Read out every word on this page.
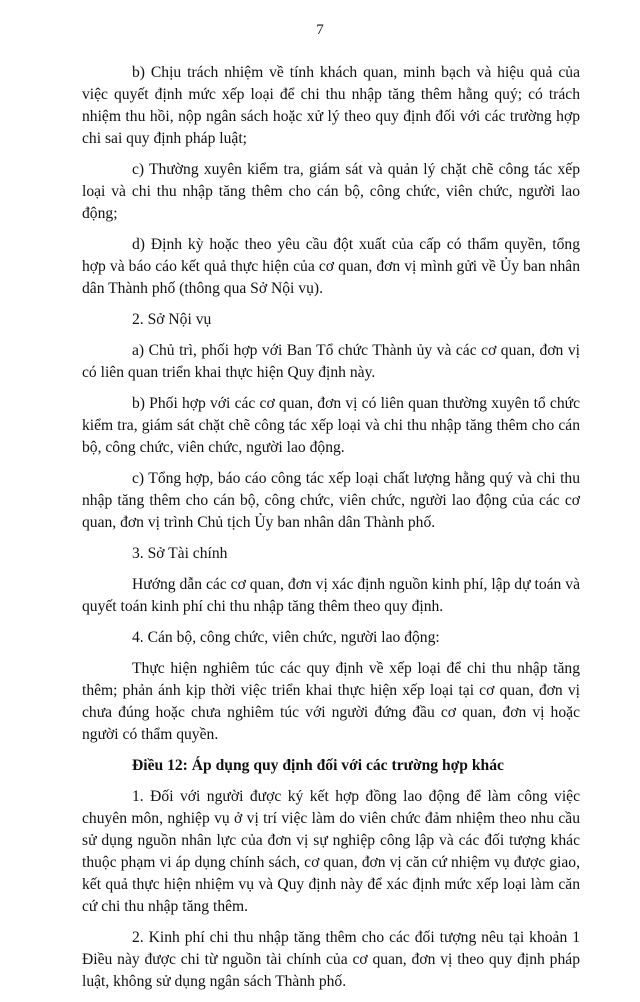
7

b) Chịu trách nhiệm về tính khách quan, minh bạch và hiệu quả của việc quyết định mức xếp loại để chi thu nhập tăng thêm hằng quý; có trách nhiệm thu hồi, nộp ngân sách hoặc xử lý theo quy định đối với các trường hợp chi sai quy định pháp luật;

c) Thường xuyên kiểm tra, giám sát và quản lý chặt chẽ công tác xếp loại và chi thu nhập tăng thêm cho cán bộ, công chức, viên chức, người lao động;

d) Định kỳ hoặc theo yêu cầu đột xuất của cấp có thẩm quyền, tổng hợp và báo cáo kết quả thực hiện của cơ quan, đơn vị mình gửi về Ủy ban nhân dân Thành phố (thông qua Sở Nội vụ).

2. Sở Nội vụ

a) Chủ trì, phối hợp với Ban Tổ chức Thành ủy và các cơ quan, đơn vị có liên quan triển khai thực hiện Quy định này.

b) Phối hợp với các cơ quan, đơn vị có liên quan thường xuyên tổ chức kiểm tra, giám sát chặt chẽ công tác xếp loại và chi thu nhập tăng thêm cho cán bộ, công chức, viên chức, người lao động.

c) Tổng hợp, báo cáo công tác xếp loại chất lượng hằng quý và chi thu nhập tăng thêm cho cán bộ, công chức, viên chức, người lao động của các cơ quan, đơn vị trình Chủ tịch Ủy ban nhân dân Thành phố.

3. Sở Tài chính

Hướng dẫn các cơ quan, đơn vị xác định nguồn kinh phí, lập dự toán và quyết toán kinh phí chi thu nhập tăng thêm theo quy định.

4. Cán bộ, công chức, viên chức, người lao động:

Thực hiện nghiêm túc các quy định về xếp loại để chi thu nhập tăng thêm; phản ánh kịp thời việc triển khai thực hiện xếp loại tại cơ quan, đơn vị chưa đúng hoặc chưa nghiêm túc với người đứng đầu cơ quan, đơn vị hoặc người có thẩm quyền.

Điều 12: Áp dụng quy định đối với các trường hợp khác

1. Đối với người được ký kết hợp đồng lao động để làm công việc chuyên môn, nghiệp vụ ở vị trí việc làm do viên chức đảm nhiệm theo nhu cầu sử dụng nguồn nhân lực của đơn vị sự nghiệp công lập và các đối tượng khác thuộc phạm vi áp dụng chính sách, cơ quan, đơn vị căn cứ nhiệm vụ được giao, kết quả thực hiện nhiệm vụ và Quy định này để xác định mức xếp loại làm căn cứ chi thu nhập tăng thêm.

2. Kinh phí chi thu nhập tăng thêm cho các đối tượng nêu tại khoản 1 Điều này được chi từ nguồn tài chính của cơ quan, đơn vị theo quy định pháp luật, không sử dụng ngân sách Thành phố.
